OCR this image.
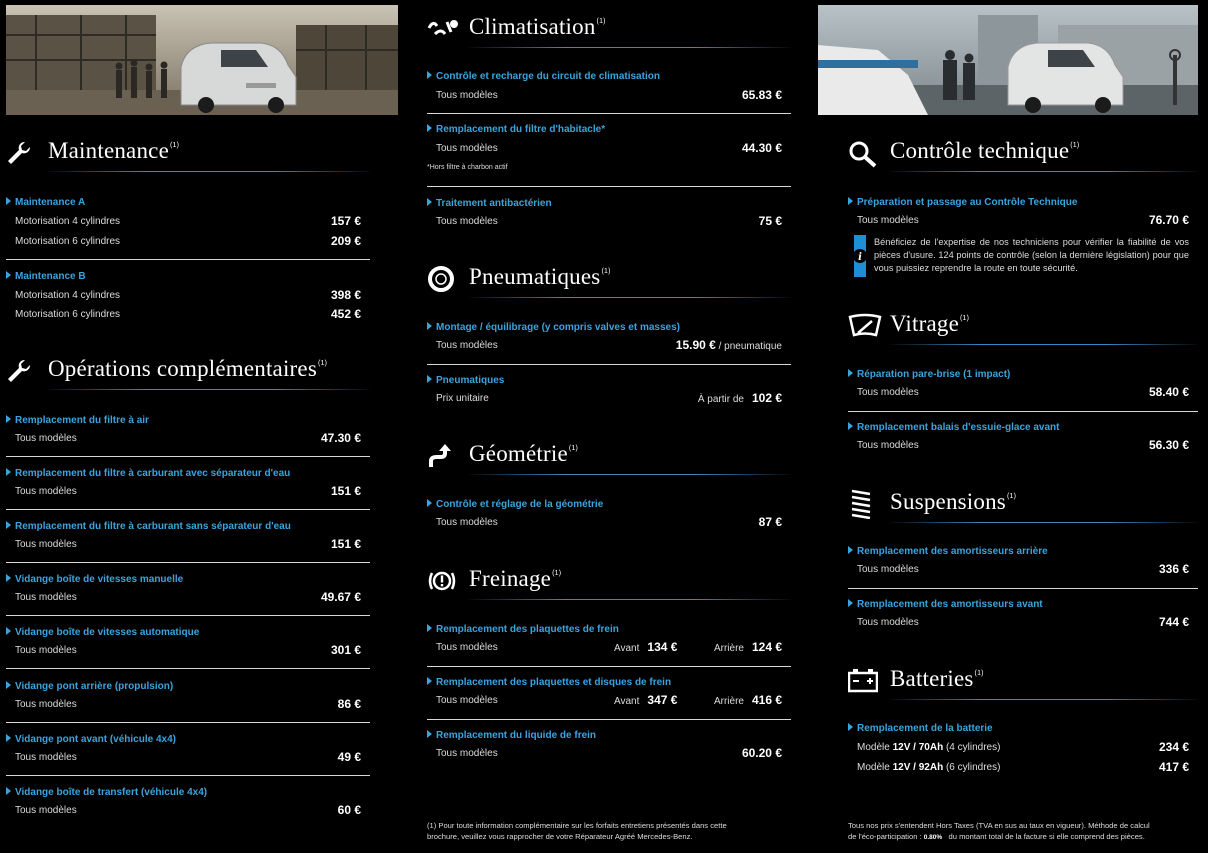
Maintenance$^{(1)}$
Maintenance A
Motorisation 4 cylindres	157 €
Motorisation 6 cylindres	209 €
Maintenance B
Motorisation 4 cylindres	398 €
Motorisation 6 cylindres	452 €
Opérations complémentaires$^{(1)}$
Remplacement du filtre à air
Tous modèles	47.30 €
Remplacement du filtre à carburant avec séparateur d'eau
Tous modèles	151 €
Remplacement du filtre à carburant sans séparateur d'eau
Tous modèles	151 €
Vidange boîte de vitesses manuelle
Tous modèles	49.67 €
Vidange boîte de vitesses automatique
Tous modèles	301 €
Vidange pont arrière (propulsion)
Tous modèles	86 €
Vidange pont avant (véhicule 4x4)
Tous modèles	49 €
Vidange boîte de transfert (véhicule 4x4)
Tous modèles	60 €
Climatisation$^{(1)}$
Contrôle et recharge du circuit de climatisation
Tous modèles	65.83 €
Remplacement du filtre d'habitacle*
Tous modèles	44.30 €
*Hors filtre à charbon actif
Traitement antibactérien
Tous modèles	75 €
Pneumatiques$^{(1)}$
Montage / équilibrage (y compris valves et masses)
Tous modèles	15.90 € / pneumatique
Pneumatiques
Prix unitaire	À partir de 102 €
Géométrie$^{(1)}$
Contrôle et réglage de la géométrie
Tous modèles	87 €
Freinage$^{(1)}$
Remplacement des plaquettes de frein
Tous modèles	Avant 134 €	Arrière 124 €
Remplacement des plaquettes et disques de frein
Tous modèles	Avant 347 €	Arrière 416 €
Remplacement du liquide de frein
Tous modèles	60.20 €
(1) Pour toute information complémentaire sur les forfaits entretiens présentés dans cette
brochure, veuillez vous rapprocher de votre Réparateur Agréé Mercedes-Benz.
Contrôle technique$^{(1)}$
Préparation et passage au Contrôle Technique
Tous modèles	76.70 €
i
Bénéficiez de l'expertise de nos techniciens pour vérifier la fiabilité de vos pièces d'usure. 124 points de contrôle (selon la dernière législation) pour que vous puissiez reprendre la route en toute sécurité.
Vitrage$^{(1)}$
Réparation pare-brise (1 impact)
Tous modèles	58.40 €
Remplacement balais d'essuie-glace avant
Tous modèles	56.30 €
Suspensions$^{(1)}$
Remplacement des amortisseurs arrière
Tous modèles	336 €
Remplacement des amortisseurs avant
Tous modèles	744 €
Batteries$^{(1)}$
Remplacement de la batterie
Modèle 12V / 70Ah (4 cylindres)	234 €
Modèle 12V / 92Ah (6 cylindres)	417 €
Tous nos prix s'entendent Hors Taxes (TVA en sus au taux en vigueur). Méthode de calcul
de l'éco-participation : 0.80% du montant total de la facture si elle comprend des pièces.
